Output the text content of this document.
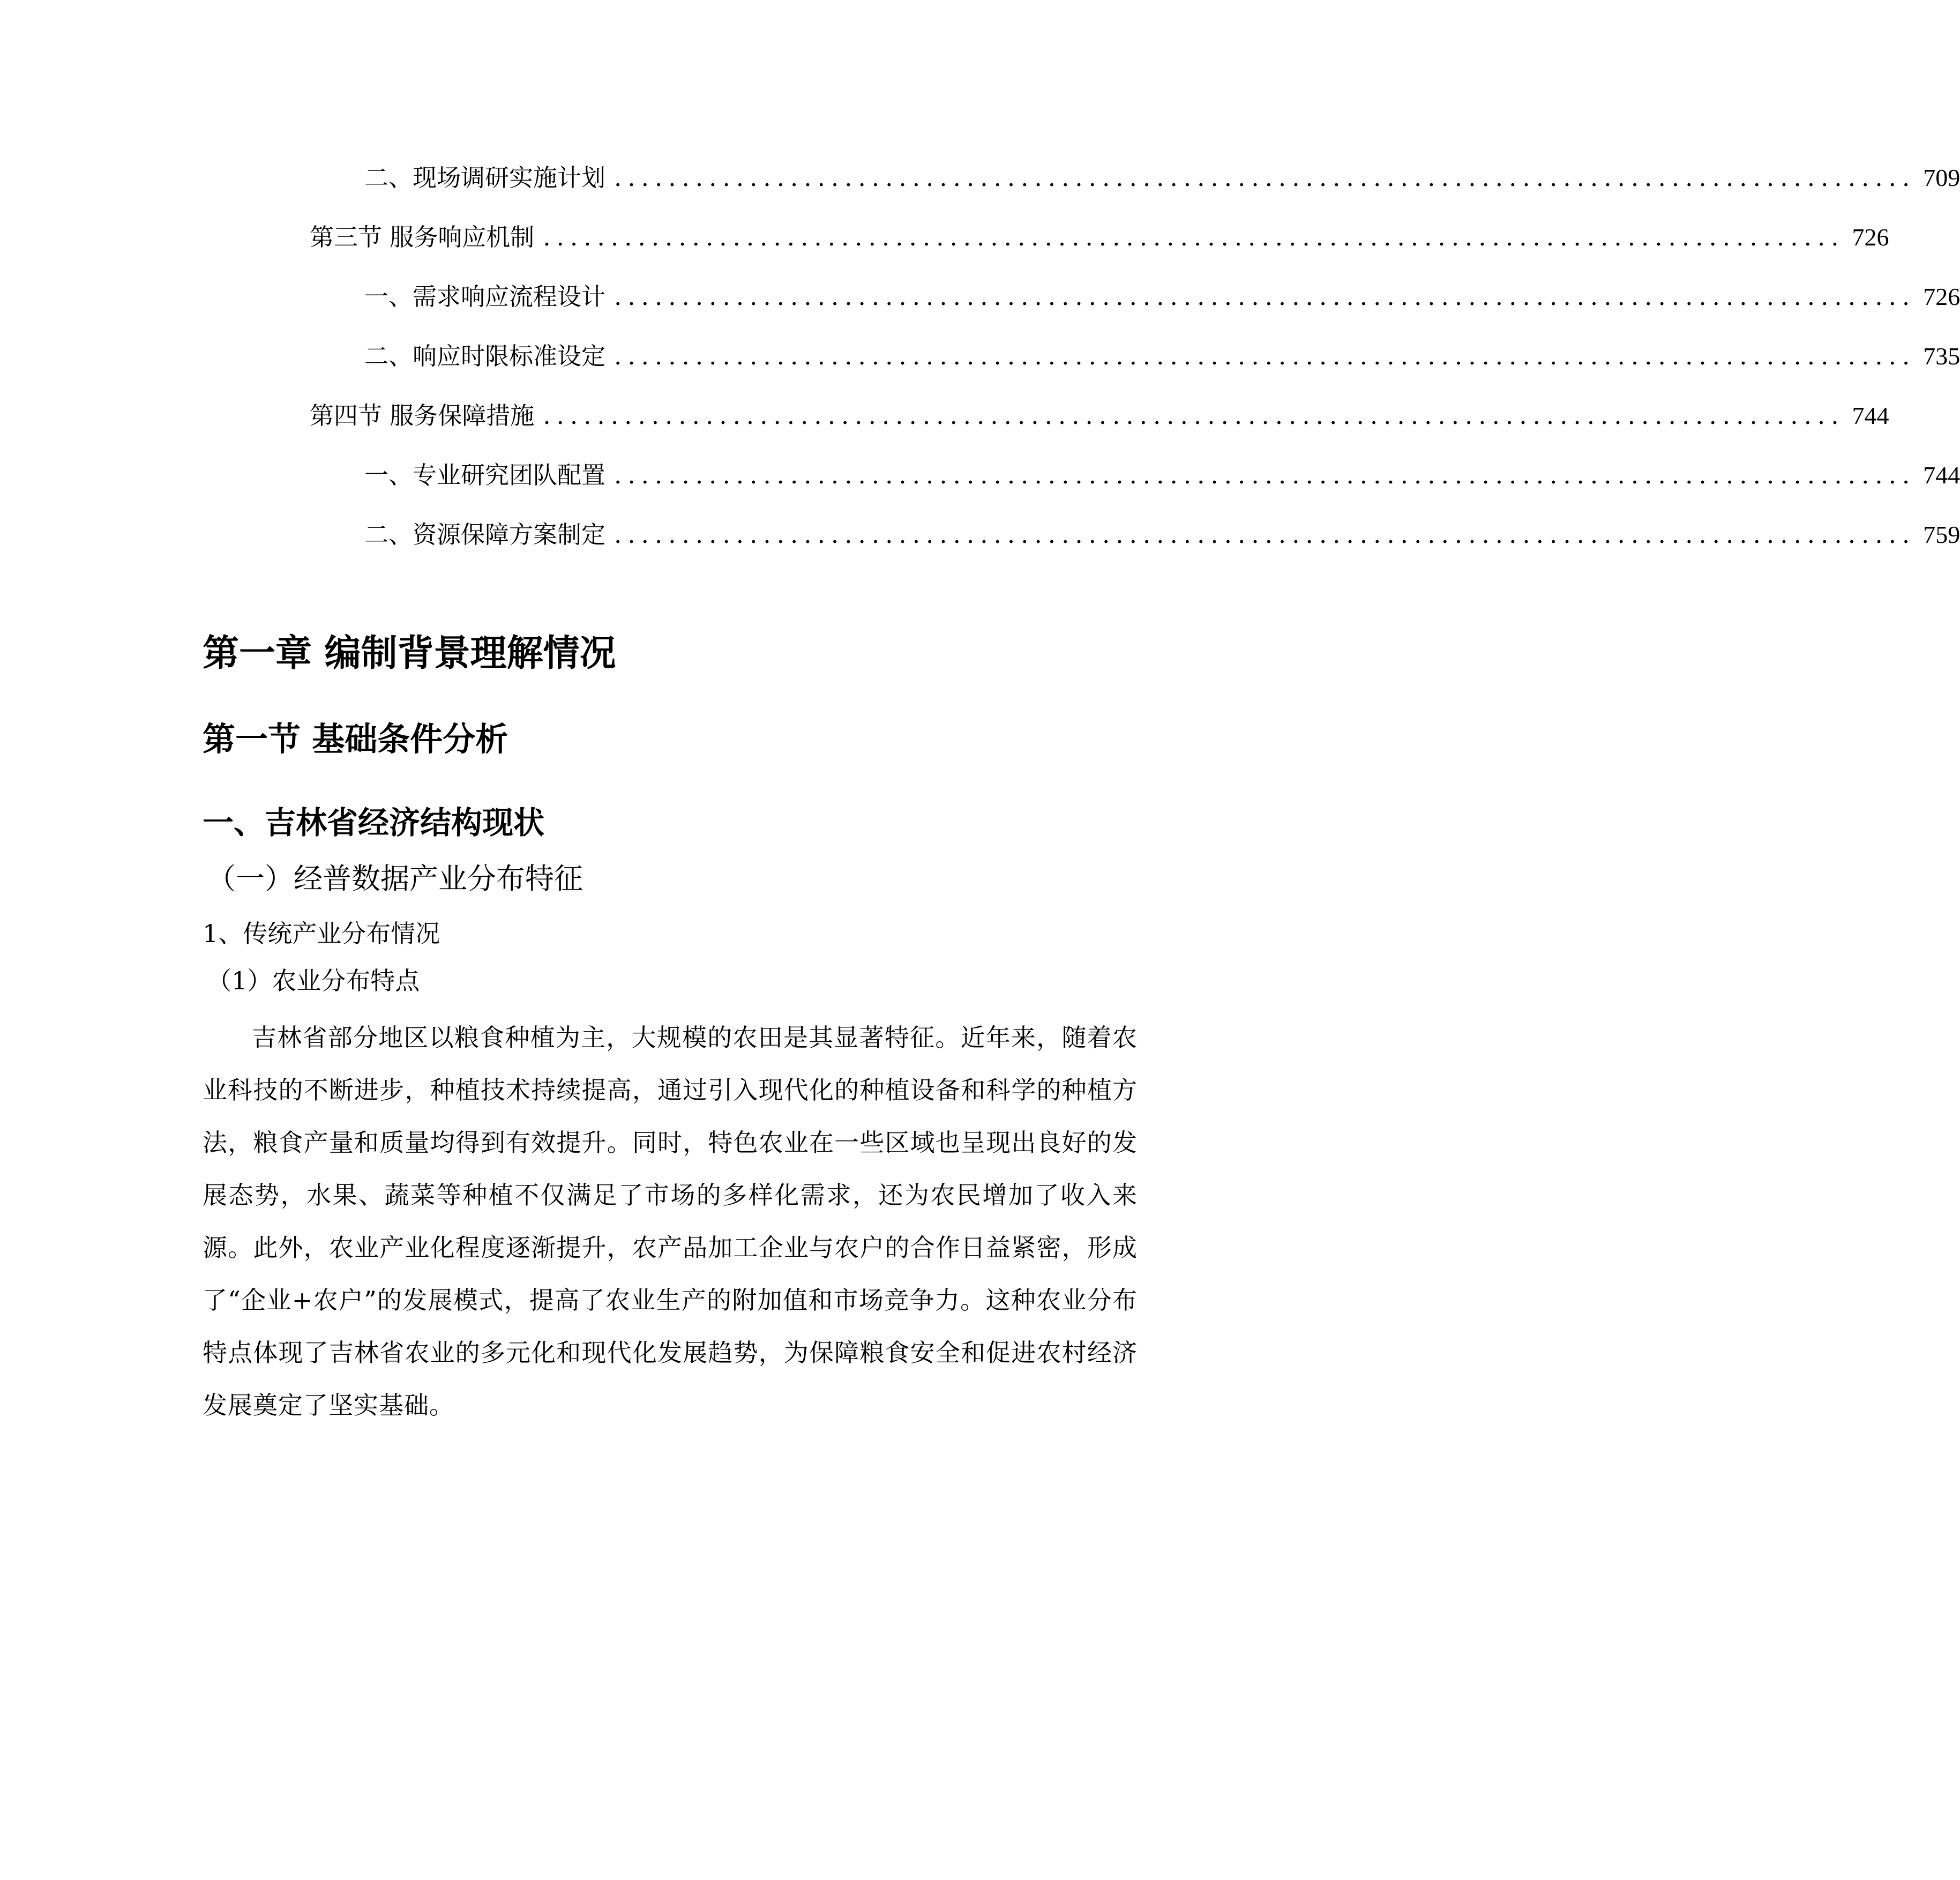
二、 现场调研实施计划 ................................................................................................ 709
第三节 服务响应机制 ................................................................................................ 726
一、 需求响应流程设计 ................................................................................................ 726
二、 响应时限标准设定 ................................................................................................ 735
第四节 服务保障措施 ................................................................................................ 744
一、 专业研究团队配置 ................................................................................................ 744
二、 资源保障方案制定 ................................................................................................ 759
第一章 编制背景理解情况
第一节 基础条件分析
一、吉林省经济结构现状
（一）经普数据产业分布特征
1、传统产业分布情况
（1）农业分布特点

吉林省部分地区以粮食种植为主，大规模的农田是其显著特征。近年来，随着农业科技的不断进步，种植技术持续提高，通过引入现代化的种植设备和科学的种植方法，粮食产量和质量均得到有效提升。同时，特色农业在一些区域也呈现出良好的发展态势，水果、蔬菜等种植不仅满足了市场的多样化需求，还为农民增加了收入来源。此外，农业产业化程度逐渐提升，农产品加工企业与农户的合作日益紧密，形成了“企业+农户”的发展模式，提高了农业生产的附加值和市场竞争力。这种农业分布特点体现了吉林省农业的多元化和现代化发展趋势，为保障粮食安全和促进农村经济发展奠定了坚实基础。
